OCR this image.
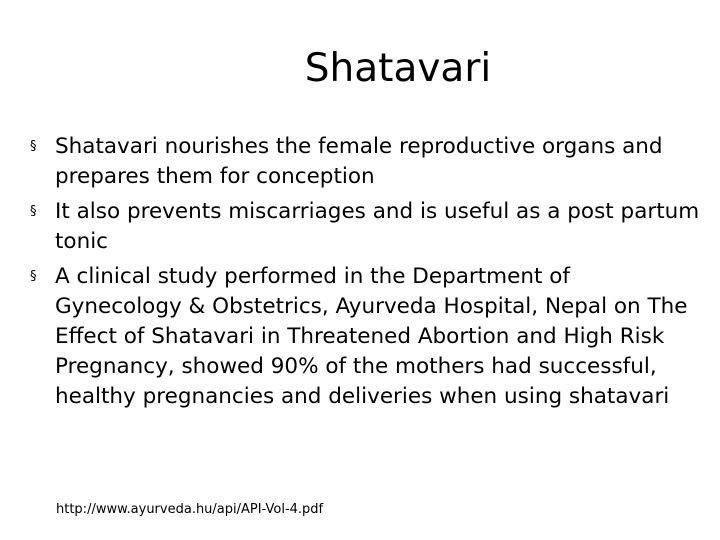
Shatavari
§ Shatavari nourishes the female reproductive organs and prepares them for conception
§ It also prevents miscarriages and is useful as a post partum tonic
§ A clinical study performed in the Department of Gynecology & Obstetrics, Ayurveda Hospital, Nepal on The Effect of Shatavari in Threatened Abortion and High Risk Pregnancy, showed 90% of the mothers had successful, healthy pregnancies and deliveries when using shatavari

http://www.ayurveda.hu/api/API-Vol-4.pdf
